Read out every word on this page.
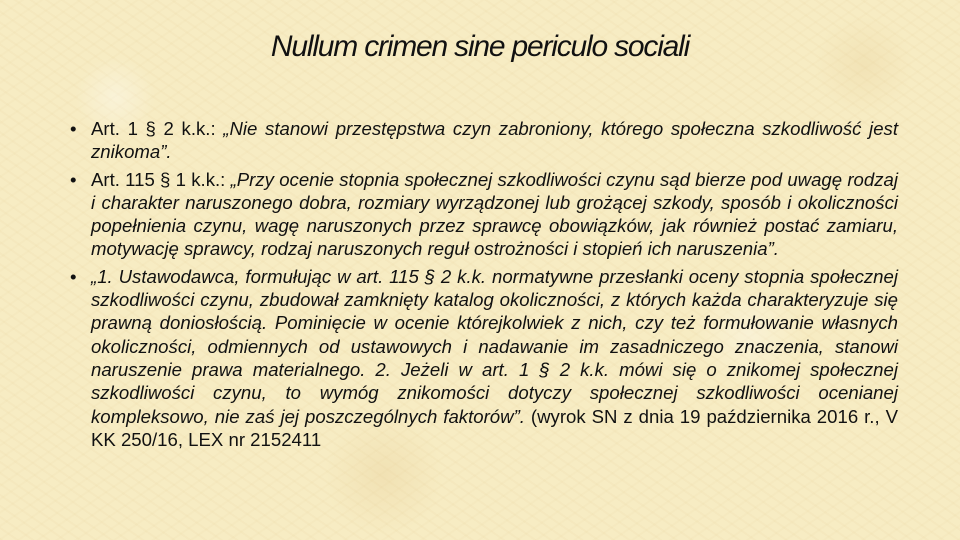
Nullum crimen sine periculo sociali
• Art. 1 § 2 k.k.: „Nie stanowi przestępstwa czyn zabroniony, którego społeczna szkodliwość jest znikoma”.
• Art. 115 § 1 k.k.: „Przy ocenie stopnia społecznej szkodliwości czynu sąd bierze pod uwagę rodzaj i charakter naruszonego dobra, rozmiary wyrządzonej lub grożącej szkody, sposób i okoliczności popełnienia czynu, wagę naruszonych przez sprawcę obowiązków, jak również postać zamiaru, motywację sprawcy, rodzaj naruszonych reguł ostrożności i stopień ich naruszenia”.
• „1. Ustawodawca, formułując w art. 115 § 2 k.k. normatywne przesłanki oceny stopnia społecznej szkodliwości czynu, zbudował zamknięty katalog okoliczności, z których każda charakteryzuje się prawną doniosłością. Pominięcie w ocenie którejkolwiek z nich, czy też formułowanie własnych okoliczności, odmiennych od ustawowych i nadawanie im zasadniczego znaczenia, stanowi naruszenie prawa materialnego. 2. Jeżeli w art. 1 § 2 k.k. mówi się o znikomej społecznej szkodliwości czynu, to wymóg znikomości dotyczy społecznej szkodliwości ocenianej kompleksowo, nie zaś jej poszczególnych faktorów”. (wyrok SN z dnia 19 października 2016 r., V KK 250/16, LEX nr 2152411
